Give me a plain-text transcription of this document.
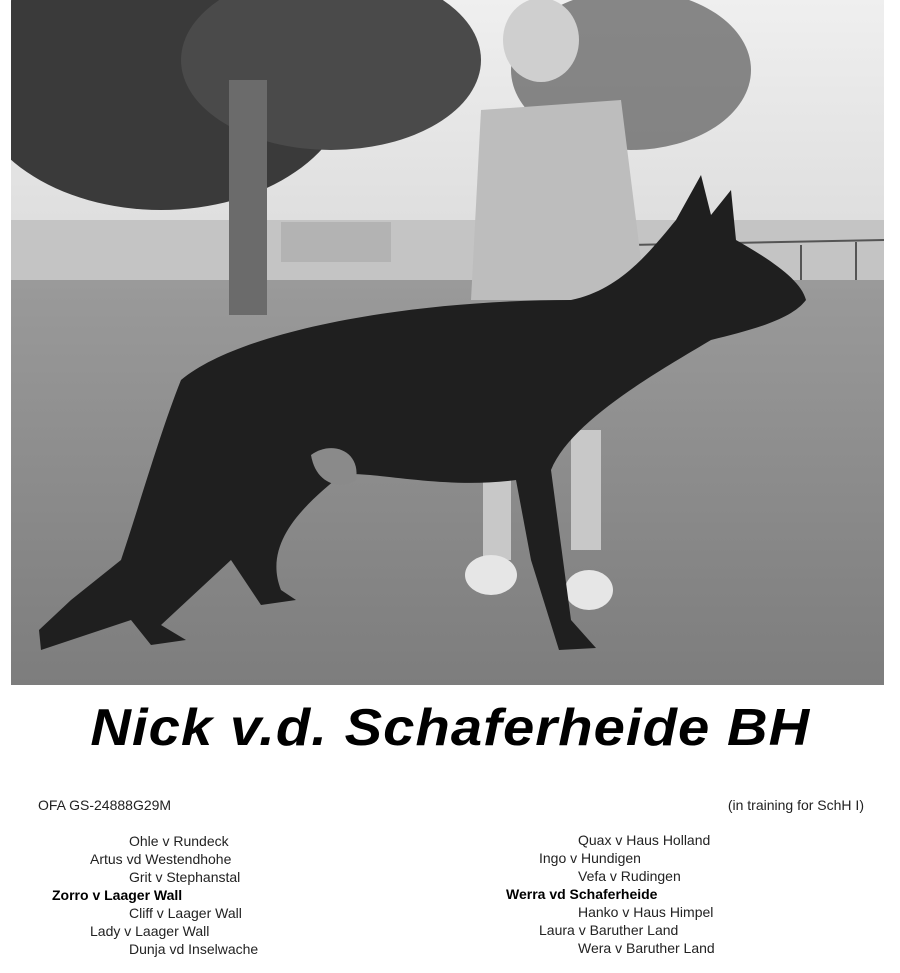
Nick v.d. Schaferheide BH
OFA GS-24888G29M	(in training for SchH I)
Ohle v Rundeck
Artus vd Westendhohe
Grit v Stephanstal
Zorro v Laager Wall
Cliff v Laager Wall
Lady v Laager Wall
Dunja vd Inselwache
Quax v Haus Holland
Ingo v Hundigen
Vefa v Rudingen
Werra vd Schaferheide
Hanko v Haus Himpel
Laura v Baruther Land
Wera v Baruther Land
